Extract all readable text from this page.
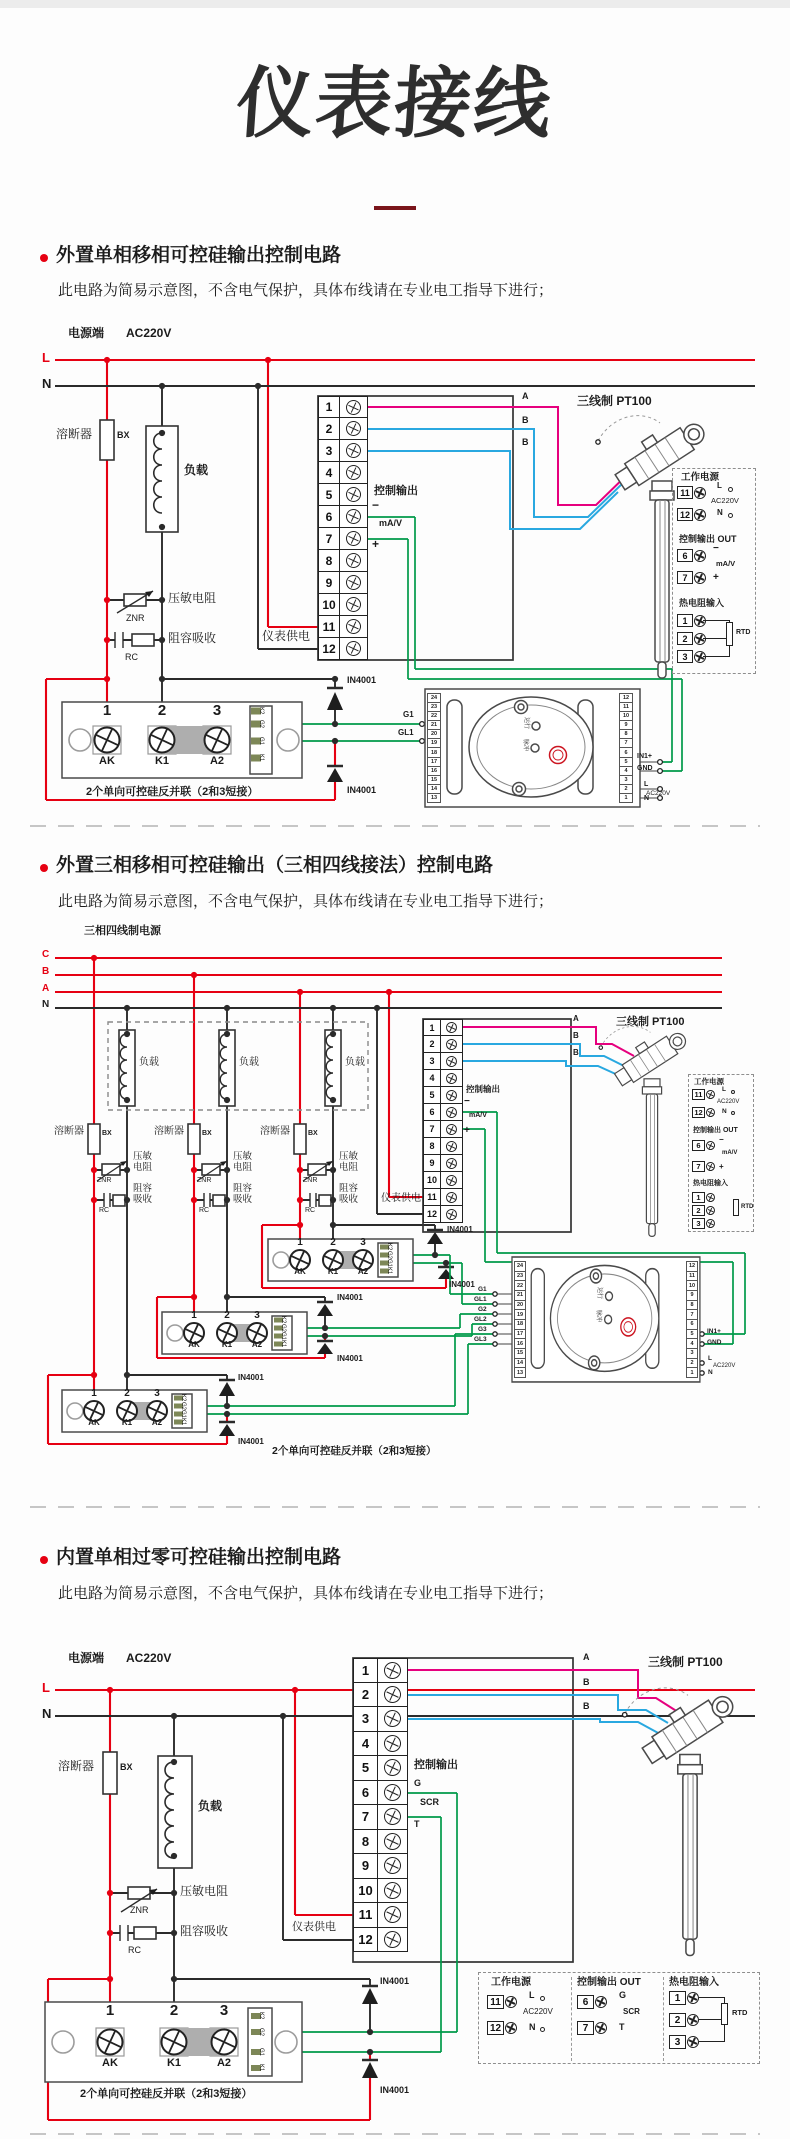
仪表接线
外置单相移相可控硅输出控制电路
此电路为简易示意图，不含电气保护，具体布线请在专业电工指导下进行；
外置三相移相可控硅输出（三相四线接法）控制电路
此电路为简易示意图，不含电气保护，具体布线请在专业电工指导下进行；
内置单相过零可控硅输出控制电路
此电路为简易示意图，不含电气保护，具体布线请在专业电工指导下进行；
电源端 AC220V
L
N
溶断器	BX
负载
压敏电阻
ZNR
阻容吸收
RC
控制输出
−
mA/V
+
仪表供电
A
B
B
三线制 PT100
IN4001
IN4001
G1
GL1
IN1+
GND
L
AC220V
N
运行
脉冲
2个单向可控硅反并联（2和3短接）
三相四线制电源
C
B
A
N
负载	负载	负载
溶断器	溶断器	溶断器
BX	BX	BX
压敏
电阻
压敏
电阻
压敏
电阻
ZNR	ZNR	ZNR
阻容
吸收
阻容
吸收
阻容
吸收
RC	RC	RC
控制输出
−
mA/V
+
仪表供电
A
B
B
三线制 PT100
IN4001
IN4001
IN4001
IN4001
IN4001
IN4001
G1
GL1
G2
GL2
G3
GL3
IN1+
GND
L
AC220V
N
运行
脉冲
2个单向可控硅反并联（2和3短接）
电源端 AC220V
L
N
溶断器	BX
负载
压敏电阻
ZNR
阻容吸收
RC
控制输出
G
SCR
T
仪表供电
A
B
B
三线制 PT100
IN4001
IN4001
2个单向可控硅反并联（2和3短接）
1
2
3
4
5
6
7
8
9
10
11
12
1
2
3
4
5
6
7
8
9
10
11
12
1
2
3
4
5
6
7
8
9
10
11
12
24
23
22
21
20
19
18
17
16
15
14
13
12
11
10
9
8
7
6
5
4
3
2
1
24
23
22
21
20
19
18
17
16
15
14
13
12
11
10
9
8
7
6
5
4
3
2
1
工作电源
11
L
AC220V
12	N
控制输出 OUT
6
−
mA/V
7	+
热电阻输入
1
2
3
RTD
工作电源
11
L
AC220V
12	N
控制输出 OUT
6
−
mA/V
7	+
热电阻输入
1
2
3
RTD
工作电源
11
L
AC220V
12	N
控制输出 OUT
6
G
SCR
7	T
热电阻输入
1
2
3
RTD
1	2	3
AK	K1	A2
K2
G2
G1
K1
1	2 3
AK	K1 A2
K2
G2
G1
K1
1	2 3
AK	K1 A2
K2
G2
G1
K1
1	2 3
AK	K1 A2
K2
G2
G1
K1
1	2	3
AK	K1	A2
K2
G2
G1
K1
